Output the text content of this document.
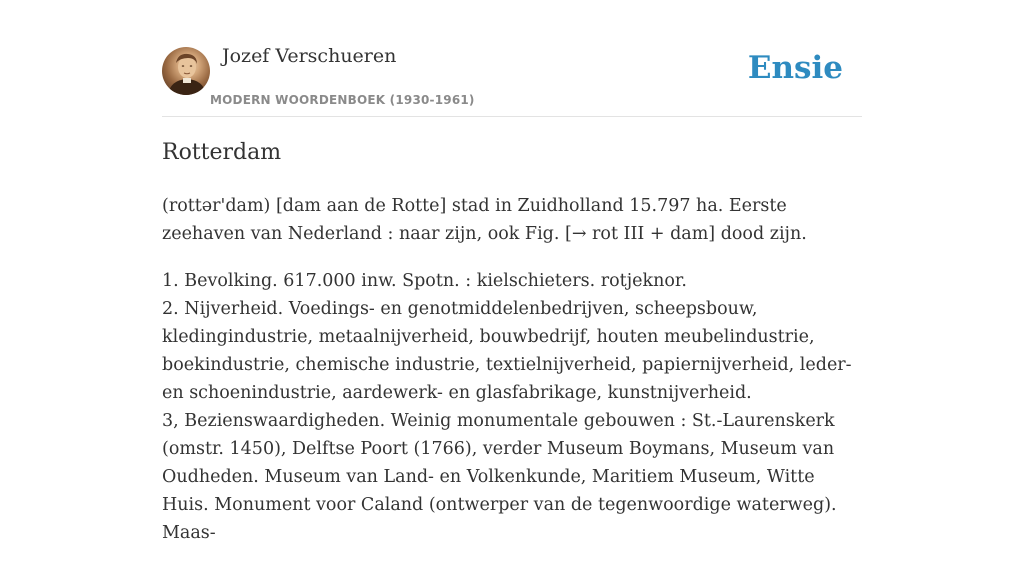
Jozef Verschueren
MODERN WOORDENBOEK (1930-1961)
Ensie
Rotterdam

(rottər'dam) [dam aan de Rotte] stad in Zuidholland 15.797 ha. Eerste zeehaven van Nederland : naar zijn, ook Fig. [→ rot III + dam] dood zijn.

1. Bevolking. 617.000 inw. Spotn. : kielschieters. rotjeknor.
2. Nijverheid. Voedings- en genotmiddelenbedrijven, scheepsbouw, kledingindustrie, metaalnijverheid, bouwbedrijf, houten meubelindustrie, boekindustrie, chemische industrie, textielnijverheid, papiernijverheid, leder- en schoenindustrie, aardewerk- en glasfabrikage, kunstnijverheid.
3, Bezienswaardigheden. Weinig monumentale gebouwen : St.-Laurenskerk (omstr. 1450), Delftse Poort (1766), verder Museum Boymans, Museum van Oudheden. Museum van Land- en Volkenkunde, Maritiem Museum, Witte Huis. Monument voor Caland (ontwerper van de tegenwoordige waterweg). Maas-
